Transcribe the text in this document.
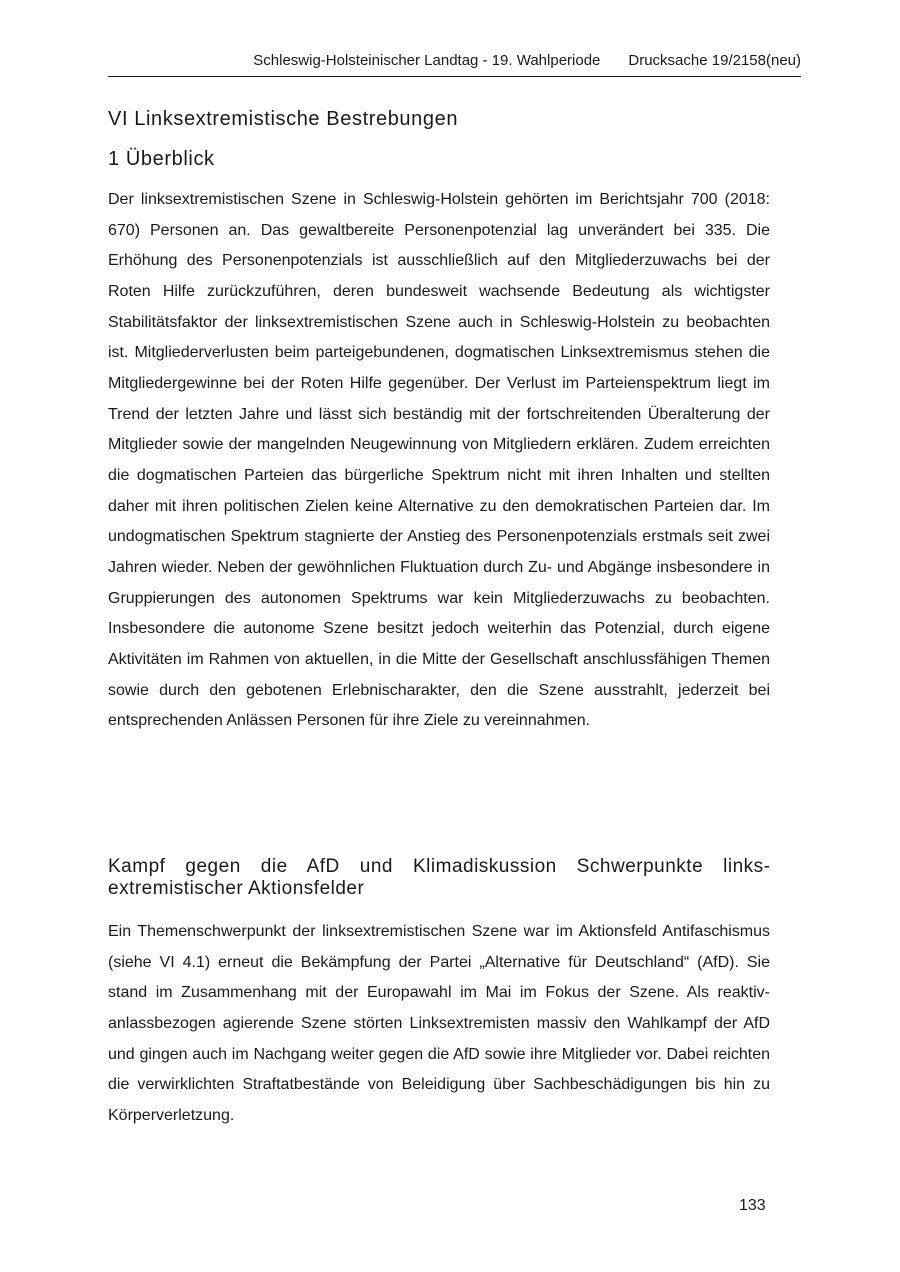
Schleswig-Holsteinischer Landtag - 19. Wahlperiode Drucksache 19/2158(neu)
VI Linksextremistische Bestrebungen
1 Überblick

Der linksextremistischen Szene in Schleswig-Holstein gehörten im Berichtsjahr 700 (2018: 670) Personen an. Das gewaltbereite Personenpotenzial lag unverändert bei 335. Die Erhöhung des Personenpotenzials ist ausschließlich auf den Mitgliederzuwachs bei der Roten Hilfe zurückzuführen, deren bundesweit wachsende Bedeutung als wichtigster Stabilitätsfaktor der linksextremistischen Szene auch in Schleswig-Holstein zu beobachten ist. Mitgliederverlusten beim parteigebundenen, dogmatischen Linksextremismus stehen die Mitgliedergewinne bei der Roten Hilfe gegenüber. Der Verlust im Parteienspektrum liegt im Trend der letzten Jahre und lässt sich beständig mit der fortschreitenden Überalterung der Mitglieder sowie der mangelnden Neugewinnung von Mitgliedern erklären. Zudem erreichten die dogmatischen Parteien das bürgerliche Spektrum nicht mit ihren Inhalten und stellten daher mit ihren politischen Zielen keine Alternative zu den demokratischen Parteien dar. Im undogmatischen Spektrum stagnierte der Anstieg des Personenpotenzials erstmals seit zwei Jahren wieder. Neben der gewöhnlichen Fluktuation durch Zu- und Abgänge insbesondere in Gruppierungen des autonomen Spektrums war kein Mitgliederzuwachs zu beobachten. Insbesondere die autonome Szene besitzt jedoch weiterhin das Potenzial, durch eigene Aktivitäten im Rahmen von aktuellen, in die Mitte der Gesellschaft anschlussfähigen Themen sowie durch den gebotenen Erlebnischarakter, den die Szene ausstrahlt, jederzeit bei entsprechenden Anlässen Personen für ihre Ziele zu vereinnahmen.

Kampf gegen die AfD und Klimadiskussion Schwerpunkte linksextremistischer Aktionsfelder

Ein Themenschwerpunkt der linksextremistischen Szene war im Aktionsfeld Antifaschismus (siehe VI 4.1) erneut die Bekämpfung der Partei „Alternative für Deutschland“ (AfD). Sie stand im Zusammenhang mit der Europawahl im Mai im Fokus der Szene. Als reaktiv-anlassbezogen agierende Szene störten Linksextremisten massiv den Wahlkampf der AfD und gingen auch im Nachgang weiter gegen die AfD sowie ihre Mitglieder vor. Dabei reichten die verwirklichten Straftatbestände von Beleidigung über Sachbeschädigungen bis hin zu Körperverletzung.

133
